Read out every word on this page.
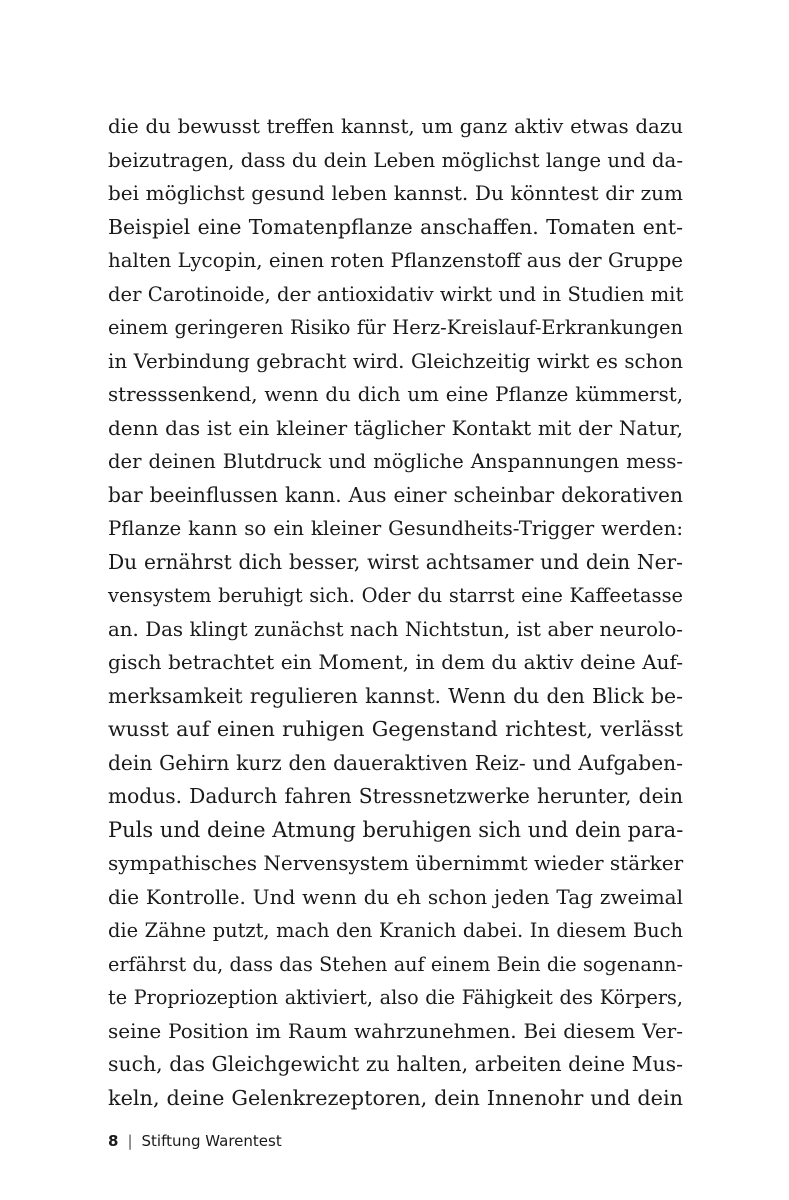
die du bewusst treffen kannst, um ganz aktiv etwas dazu
beizutragen, dass du dein Leben möglichst lange und da-
bei möglichst gesund leben kannst. Du könntest dir zum
Beispiel eine Tomatenpflanze anschaffen. Tomaten ent-
halten Lycopin, einen roten Pflanzenstoff aus der Gruppe
der Carotinoide, der antioxidativ wirkt und in Studien mit
einem geringeren Risiko für Herz-Kreislauf-Erkrankungen
in Verbindung gebracht wird. Gleichzeitig wirkt es schon
stresssenkend, wenn du dich um eine Pflanze kümmerst,
denn das ist ein kleiner täglicher Kontakt mit der Natur,
der deinen Blutdruck und mögliche Anspannungen mess-
bar beeinflussen kann. Aus einer scheinbar dekorativen
Pflanze kann so ein kleiner Gesundheits-Trigger werden:
Du ernährst dich besser, wirst achtsamer und dein Ner-
vensystem beruhigt sich. Oder du starrst eine Kaffeetasse
an. Das klingt zunächst nach Nichtstun, ist aber neurolo-
gisch betrachtet ein Moment, in dem du aktiv deine Auf-
merksamkeit regulieren kannst. Wenn du den Blick be-
wusst auf einen ruhigen Gegenstand richtest, verlässt
dein Gehirn kurz den daueraktiven Reiz- und Aufgaben-
modus. Dadurch fahren Stressnetzwerke herunter, dein
Puls und deine Atmung beruhigen sich und dein para-
sympathisches Nervensystem übernimmt wieder stärker
die Kontrolle. Und wenn du eh schon jeden Tag zweimal
die Zähne putzt, mach den Kranich dabei. In diesem Buch
erfährst du, dass das Stehen auf einem Bein die sogenann-
te Propriozeption aktiviert, also die Fähigkeit des Körpers,
seine Position im Raum wahrzunehmen. Bei diesem Ver-
such, das Gleichgewicht zu halten, arbeiten deine Mus-
keln, deine Gelenkrezeptoren, dein Innenohr und dein
8 | Stiftung Warentest
